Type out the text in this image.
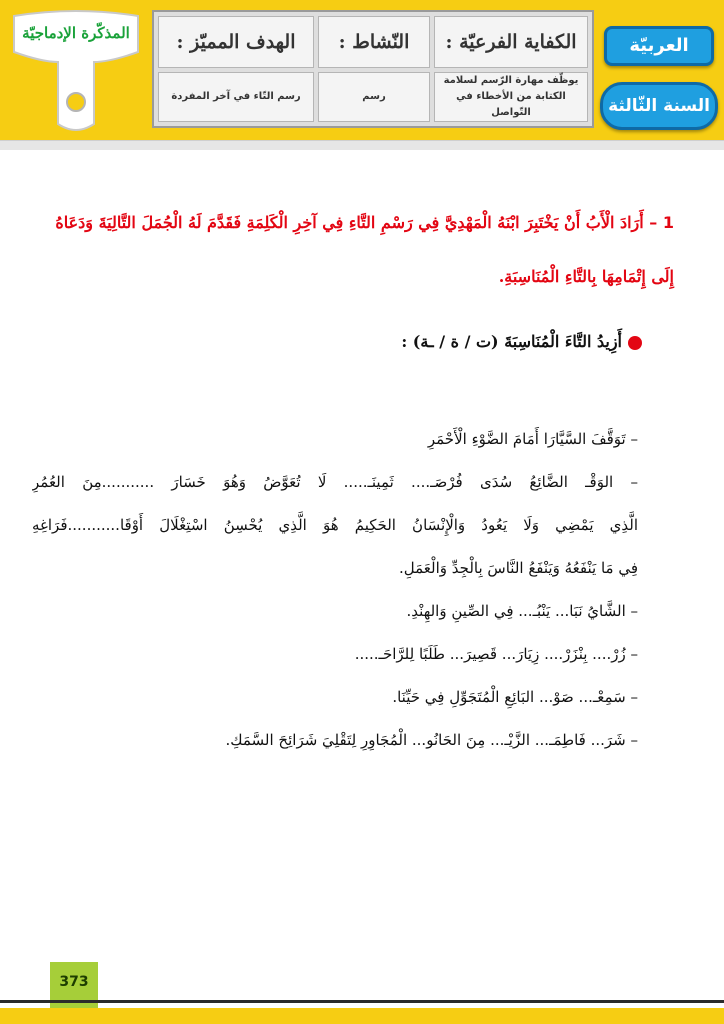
المذكّرة الإدماجيّة	الكفاية الفرعيّة :
النّشاط :
الهدف المميّز :
يوظّف مهارة الرّسم لسلامة الكتابة من الأخطاء في التّواصل
رسم
رسم التّاء في آخر المفردة
العربيّة
السنة الثّالثة
1 – أَرَادَ الْأَبُ أَنْ يَخْتَبِرَ ابْنَهُ الْمَهْدِيَّ فِي رَسْمِ التَّاءِ فِي آخِرِ الْكَلِمَةِ فَقَدَّمَ لَهُ الْجُمَلَ التَّالِيَةَ وَدَعَاهُ إِلَى إِتْمَامِهَا بِالتَّاءِ الْمُنَاسِبَةِ.
أَزِيدُ التَّاءَ الْمُنَاسِبَةَ (ت / ة / ـة) :
– تَوَقَّفَ السَّيَّارَا أَمَامَ الضَّوْءِ الْأَحْمَرِ
– الوَقْـ الضَّائِعُ سُدَى فُرْصَـ.... ثَمِينَـ..... لَا تُعَوَّضُ وَهُوَ خَسَارَ ...........مِنَ العُمُرِ
الَّذِي يَمْضِي وَلَا يَعُودُ وَالْإِنْسَانُ الحَكِيمُ هُوَ الَّذِي يُحْسِنُ اسْتِغْلَالَ أَوْقَا...........فَرَاغِهِ
فِي مَا يَنْفَعُهُ وَيَنْفَعُ النَّاسَ بِالْجِدِّ وَالْعَمَلِ.
– الشَّايُ نَبَا... يَنْبُـ... فِي الصِّينِ وَالهِنْدِ.
– زُرْ.... بِنْزَرْ.... زِيَارَ... قَصِيرَ... طَلَبًا لِلرَّاحَـ.....
– سَمِعْـ... صَوْ... البَائِعِ الْمُتَجَوِّلِ فِي حَيِّنَا.
– شَرَ... فَاطِمَـ... الزَّيْـ... مِنَ الحَانُو... الْمُجَاوِرِ لِتَقْلِيَ شَرَائِحَ السَّمَكِ.
373
